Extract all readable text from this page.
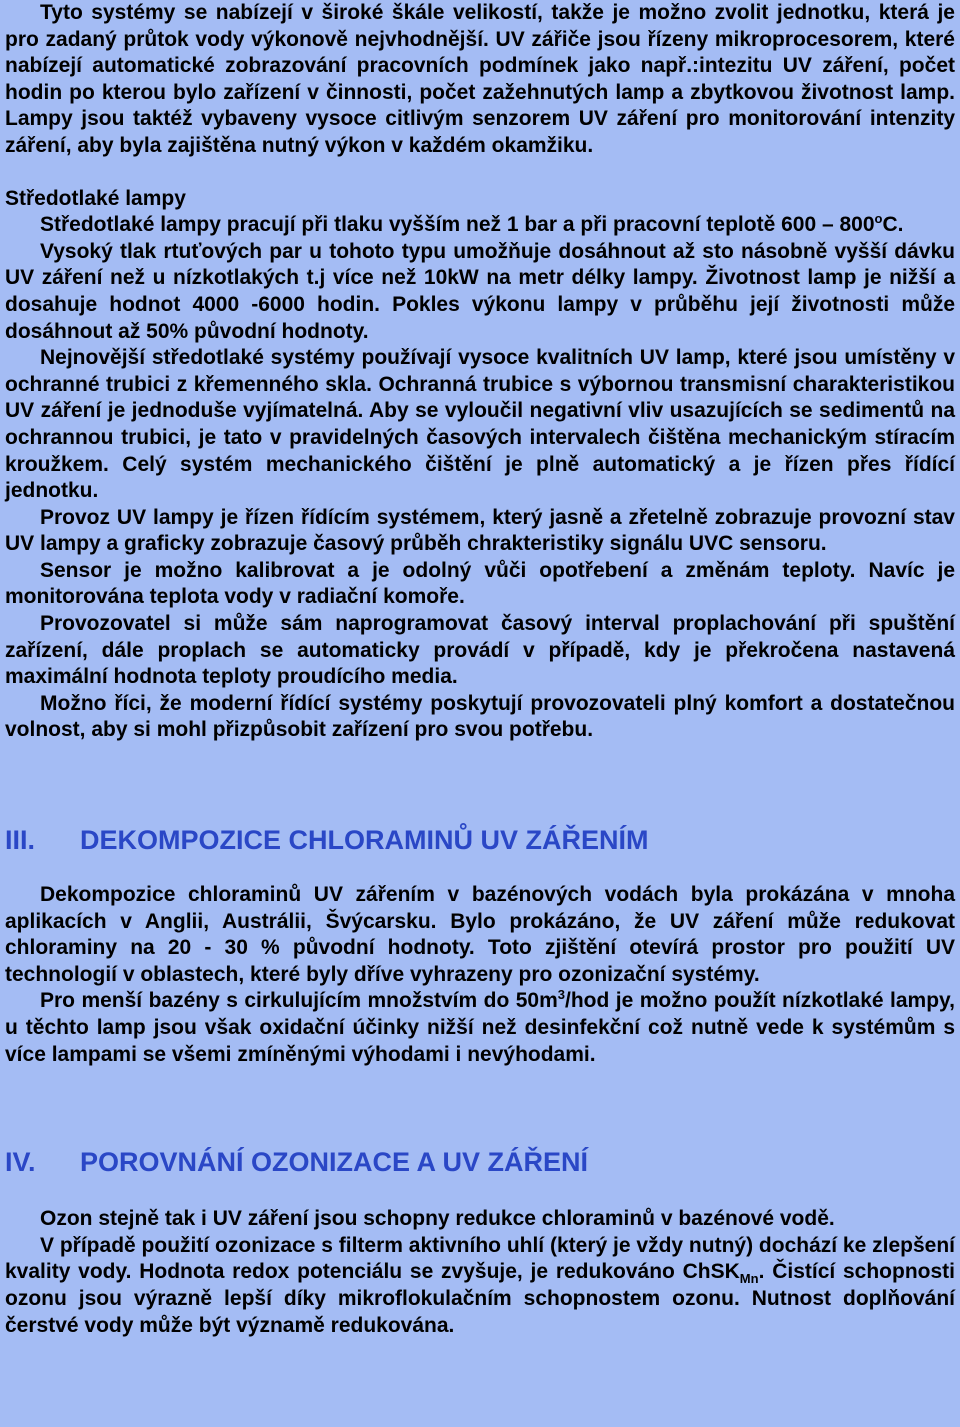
Tyto systémy se nabízejí v široké škále velikostí, takže je možno zvolit jednotku, která je pro zadaný průtok vody výkonově nejvhodnější. UV zářiče jsou řízeny mikroprocesorem, které nabízejí automatické zobrazování pracovních podmínek jako např.:intezitu UV záření, počet hodin po kterou bylo zařízení v činnosti, počet zažehnutých lamp a zbytkovou životnost lamp. Lampy jsou taktéž vybaveny vysoce citlivým senzorem UV záření pro monitorování intenzity záření, aby byla zajištěna nutný výkon v každém okamžiku.

Středotlaké lampy

Středotlaké lampy pracují při tlaku vyšším než 1 bar a při pracovní teplotě 600 – 800$^o$C.

Vysoký tlak rtuťových par u tohoto typu umožňuje dosáhnout až sto násobně vyšší dávku UV záření než u nízkotlakých t.j více než 10kW na metr délky lampy. Životnost lamp je nižší a dosahuje hodnot 4000 -6000 hodin. Pokles výkonu lampy v průběhu její životnosti může dosáhnout až 50% původní hodnoty.

Nejnovější středotlaké systémy používají vysoce kvalitních UV lamp, které jsou umístěny v ochranné trubici z křemenného skla. Ochranná trubice s výbornou transmisní charakteristikou UV záření je jednoduše vyjímatelná. Aby se vyloučil negativní vliv usazujících se sedimentů na ochrannou trubici, je tato v pravidelných časových intervalech čištěna mechanickým stíracím kroužkem. Celý systém mechanického čištění je plně automatický a je řízen přes řídící jednotku.

Provoz UV lampy je řízen řídícím systémem, který jasně a zřetelně zobrazuje provozní stav UV lampy a graficky zobrazuje časový průběh chrakteristiky signálu UVC sensoru.

Sensor je možno kalibrovat a je odolný vůči opotřebení a změnám teploty. Navíc je monitorována teplota vody v radiační komoře.

Provozovatel si může sám naprogramovat časový interval proplachování při spuštění zařízení, dále proplach se automaticky provádí v případě, kdy je překročena nastavená maximální hodnota teploty proudícího media.

Možno říci, že moderní řídící systémy poskytují provozovateli plný komfort a dostatečnou volnost, aby si mohl přizpůsobit zařízení pro svou potřebu.

III.	DEKOMPOZICE CHLORAMINŮ UV ZÁŘENÍM

Dekompozice chloraminů UV zářením v bazénových vodách byla prokázána v mnoha aplikacích v Anglii, Austrálii, Švýcarsku. Bylo prokázáno, že UV záření může redukovat chloraminy na 20 - 30 % původní hodnoty. Toto zjištění otevírá prostor pro použití UV technologií v oblastech, které byly dříve vyhrazeny pro ozonizační systémy.

Pro menší bazény s cirkulujícím množstvím do $50m^3$/hod je možno použít nízkotlaké lampy, u těchto lamp jsou však oxidační účinky nižší než desinfekční což nutně vede k systémům s více lampami se všemi zmíněnými výhodami i nevýhodami.

IV.	POROVNÁNÍ OZONIZACE A UV ZÁŘENÍ

Ozon stejně tak i UV záření jsou schopny redukce chloraminů v bazénové vodě.

V případě použití ozonizace s filterm aktivního uhlí (který je vždy nutný) dochází ke zlepšení kvality vody. Hodnota redox potenciálu se zvyšuje, je redukováno ChSK$_{Mn}$. Čistící schopnosti ozonu jsou výrazně lepší díky mikroflokulačním schopnostem ozonu. Nutnost doplňování čerstvé vody může být významě redukována.
